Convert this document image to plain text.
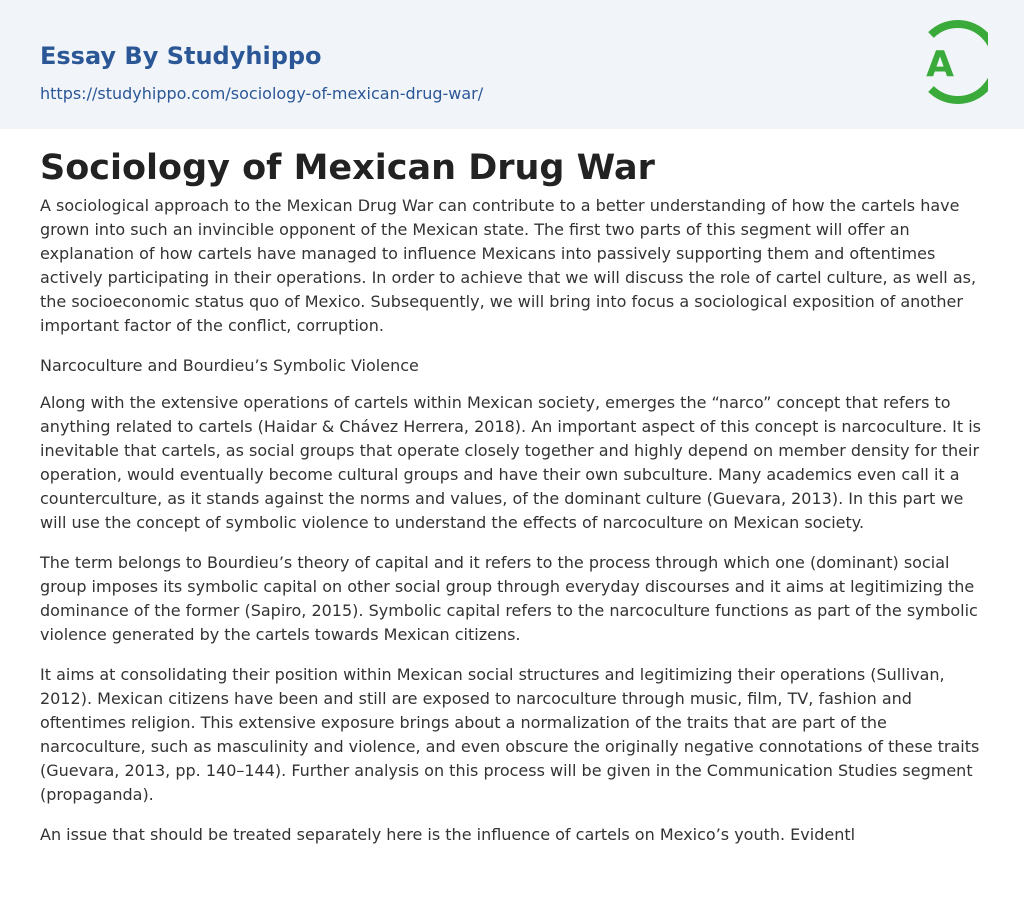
Essay By Studyhippo
https://studyhippo.com/sociology-of-mexican-drug-war/
A
Sociology of Mexican Drug War

A sociological approach to the Mexican Drug War can contribute to a better understanding of how the cartels have grown into such an invincible opponent of the Mexican state. The first two parts of this segment will offer an explanation of how cartels have managed to influence Mexicans into passively supporting them and oftentimes actively participating in their operations. In order to achieve that we will discuss the role of cartel culture, as well as, the socioeconomic status quo of Mexico. Subsequently, we will bring into focus a sociological exposition of another important factor of the conflict, corruption.

Narcoculture and Bourdieu’s Symbolic Violence

Along with the extensive operations of cartels within Mexican society, emerges the “narco” concept that refers to anything related to cartels (Haidar & Chávez Herrera, 2018). An important aspect of this concept is narcoculture. It is inevitable that cartels, as social groups that operate closely together and highly depend on member density for their operation, would eventually become cultural groups and have their own subculture. Many academics even call it a counterculture, as it stands against the norms and values, of the dominant culture (Guevara, 2013). In this part we will use the concept of symbolic violence to understand the effects of narcoculture on Mexican society.

The term belongs to Bourdieu’s theory of capital and it refers to the process through which one (dominant) social group imposes its symbolic capital on other social group through everyday discourses and it aims at legitimizing the dominance of the former (Sapiro, 2015). Symbolic capital refers to the narcoculture functions as part of the symbolic violence generated by the cartels towards Mexican citizens.

It aims at consolidating their position within Mexican social structures and legitimizing their operations (Sullivan, 2012). Mexican citizens have been and still are exposed to narcoculture through music, film, TV, fashion and oftentimes religion. This extensive exposure brings about a normalization of the traits that are part of the narcoculture, such as masculinity and violence, and even obscure the originally negative connotations of these traits (Guevara, 2013, pp. 140–144). Further analysis on this process will be given in the Communication Studies segment (propaganda).

An issue that should be treated separately here is the influence of cartels on Mexico’s youth. Evidentl
